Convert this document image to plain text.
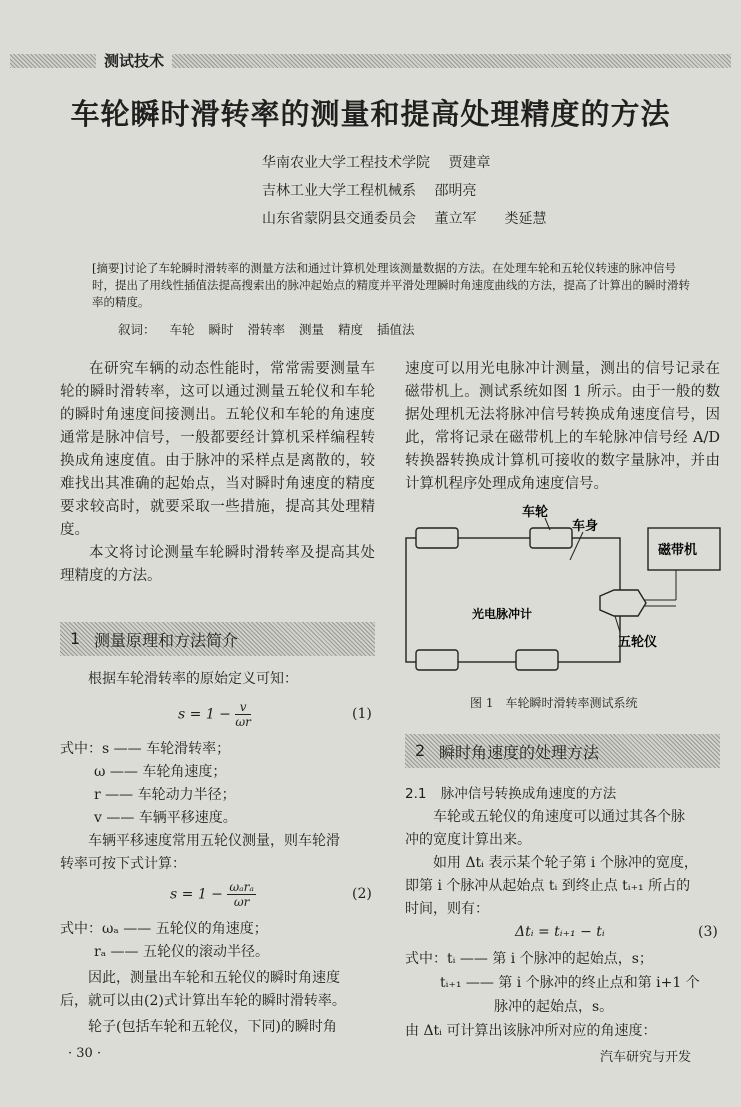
测试技术
车轮瞬时滑转率的测量和提高处理精度的方法
华南农业大学工程技术学院 贾建章
吉林工业大学工程机械系 邵明亮
山东省蒙阴县交通委员会 董立军　　类延慧
[摘要]讨论了车轮瞬时滑转率的测量方法和通过计算机处理该测量数据的方法。在处理车轮和五轮仪转速的脉冲信号时，提出了用线性插值法提高搜索出的脉冲起始点的精度并平滑处理瞬时角速度曲线的方法，提高了计算出的瞬时滑转率的精度。
叙词： 车轮 瞬时 滑转率 测量 精度 插值法

在研究车辆的动态性能时，常常需要测量车轮的瞬时滑转率，这可以通过测量五轮仪和车轮的瞬时角速度间接测出。五轮仪和车轮的角速度通常是脉冲信号，一般都要经计算机采样编程转换成角速度值。由于脉冲的采样点是离散的，较难找出其准确的起始点，当对瞬时角速度的精度要求较高时，就要采取一些措施，提高其处理精度。

本文将讨论测量车轮瞬时滑转率及提高其处理精度的方法。

1 测量原理和方法简介
根据车轮滑转率的原始定义可知：
$s = 1 - \frac{v}{\omega r}$	(1)
式中：s —— 车轮滑转率；
ω —— 车轮角速度；
r —— 车轮动力半径；
v —— 车辆平移速度。
车辆平移速度常用五轮仪测量，则车轮滑
转率可按下式计算：
$s = 1 - \frac{\text{ωₐrₐ}}{\omega r}$	(2)
式中：ωₐ —— 五轮仪的角速度；
rₐ —— 五轮仪的滚动半径。
因此，测量出车轮和五轮仪的瞬时角速度
后，就可以由(2)式计算出车轮的瞬时滑转率。
轮子(包括车轮和五轮仪，下同)的瞬时角

速度可以用光电脉冲计测量，测出的信号记录在磁带机上。测试系统如图 1 所示。由于一般的数据处理机无法将脉冲信号转换成角速度信号，因此，常将记录在磁带机上的车轮脉冲信号经 A/D 转换器转换成计算机可接收的数字量脉冲，并由计算机程序处理成角速度信号。

车轮
车身
磁带机
光电脉冲计
五轮仪
图 1　车轮瞬时滑转率测试系统
2 瞬时角速度的处理方法
2.1 脉冲信号转换成角速度的方法
车轮或五轮仪的角速度可以通过其各个脉
冲的宽度计算出来。
如用 Δtᵢ 表示某个轮子第 i 个脉冲的宽度，
即第 i 个脉冲从起始点 tᵢ 到终止点 tᵢ₊₁ 所占的
时间，则有：
Δtᵢ = tᵢ₊₁ − tᵢ	(3)
式中：tᵢ —— 第 i 个脉冲的起始点，s；
tᵢ₊₁ —— 第 i 个脉冲的终止点和第 i+1 个
脉冲的起始点，s。
由 Δtᵢ 可计算出该脉冲所对应的角速度：
· 30 ·	汽车研究与开发
